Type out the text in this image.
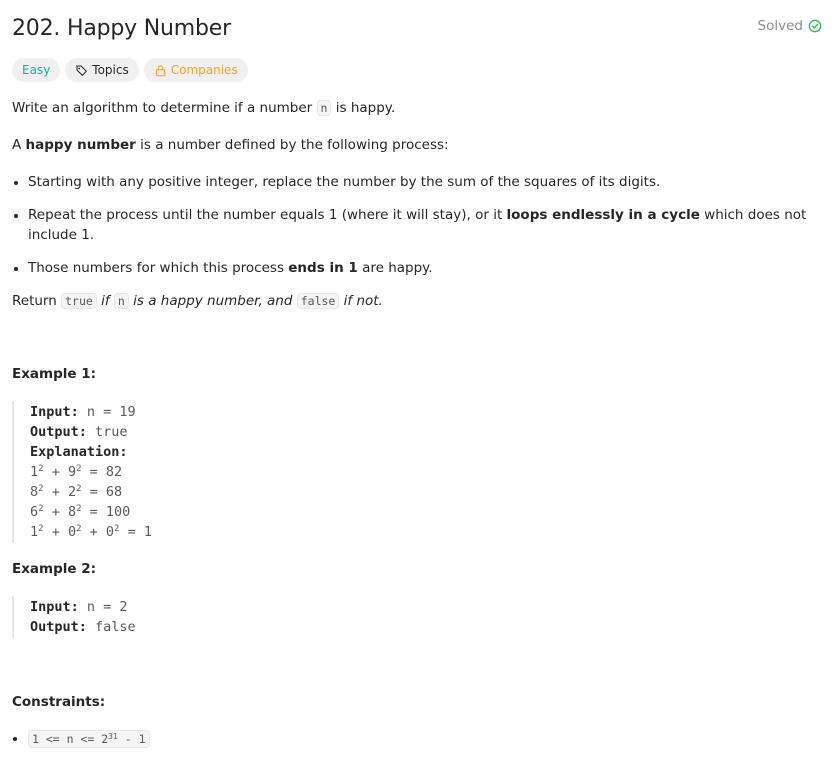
202. Happy Number	Solved
Easy	Topics	Companies

Write an algorithm to determine if a number n is happy.

A happy number is a number defined by the following process:

• Starting with any positive integer, replace the number by the sum of the squares of its digits.
• Repeat the process until the number equals 1 (where it will stay), or it loops endlessly in a cycle which does not include 1.
• Those numbers for which this process ends in 1 are happy.

Return true if n is a happy number, and false if not.

Example 1:
Input: n = 19
Output: true
Explanation:
$1^2 + 9^2 = 82$
$8^2 + 2^2 = 68$
$6^2 + 8^2 = 100$
$1^2 + 0^2 + 0^2 = 1$
Example 2:
Input: n = 2
Output: false
Constraints:
• $1 <= n <= 2^{31} - 1$
